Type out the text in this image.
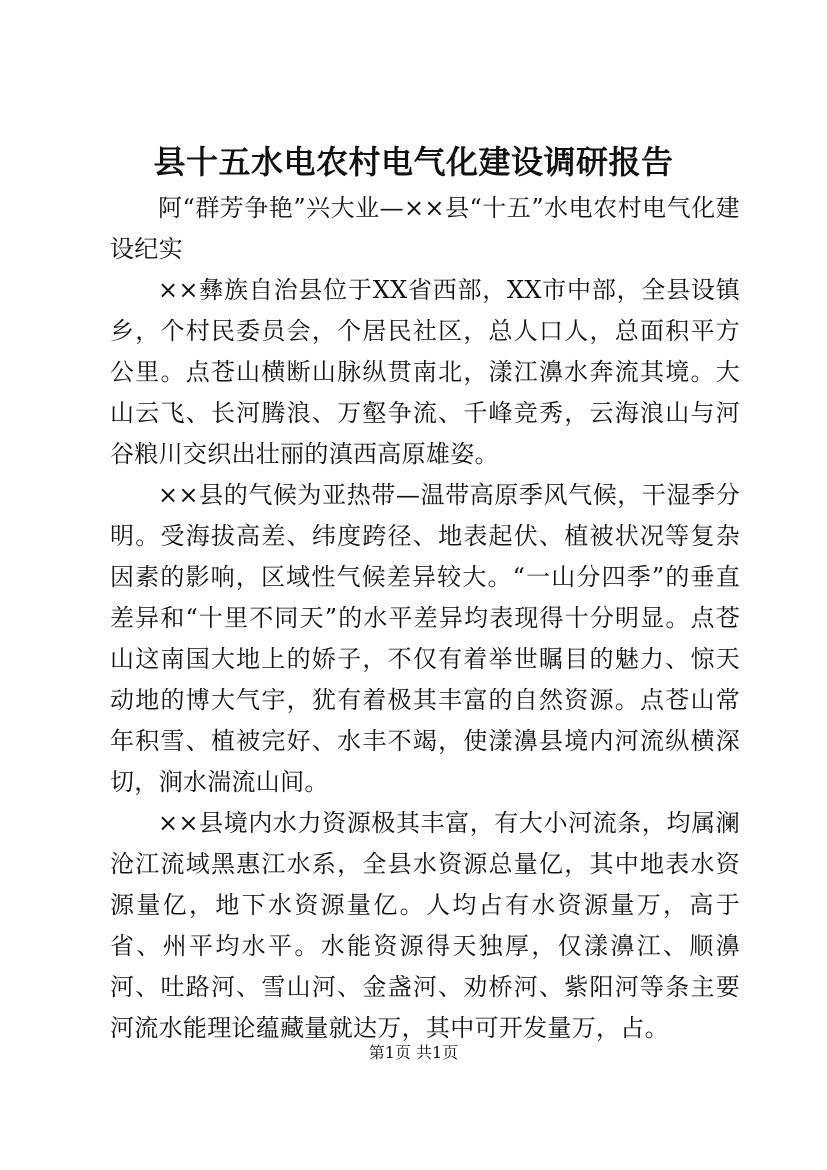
县十五水电农村电气化建设调研报告

阿“群芳争艳”兴大业—××县“十五”水电农村电气化建设纪实

××彝族自治县位于XX省西部，XX市中部，全县设镇乡，个村民委员会，个居民社区，总人口人，总面积平方公里。点苍山横断山脉纵贯南北，漾江濞水奔流其境。大山云飞、长河腾浪、万壑争流、千峰竞秀，云海浪山与河谷粮川交织出壮丽的滇西高原雄姿。

××县的气候为亚热带—温带高原季风气候，干湿季分明。受海拔高差、纬度跨径、地表起伏、植被状况等复杂因素的影响，区域性气候差异较大。“一山分四季”的垂直差异和“十里不同天”的水平差异均表现得十分明显。点苍山这南国大地上的娇子，不仅有着举世瞩目的魅力、惊天动地的博大气宇，犹有着极其丰富的自然资源。点苍山常年积雪、植被完好、水丰不竭，使漾濞县境内河流纵横深切，涧水湍流山间。

××县境内水力资源极其丰富，有大小河流条，均属澜沧江流域黑惠江水系，全县水资源总量亿，其中地表水资源量亿，地下水资源量亿。人均占有水资源量万，高于省、州平均水平。水能资源得天独厚，仅漾濞江、顺濞河、吐路河、雪山河、金盏河、劝桥河、紫阳河等条主要河流水能理论蕴藏量就达万，其中可开发量万，占。

第1页 共1页
